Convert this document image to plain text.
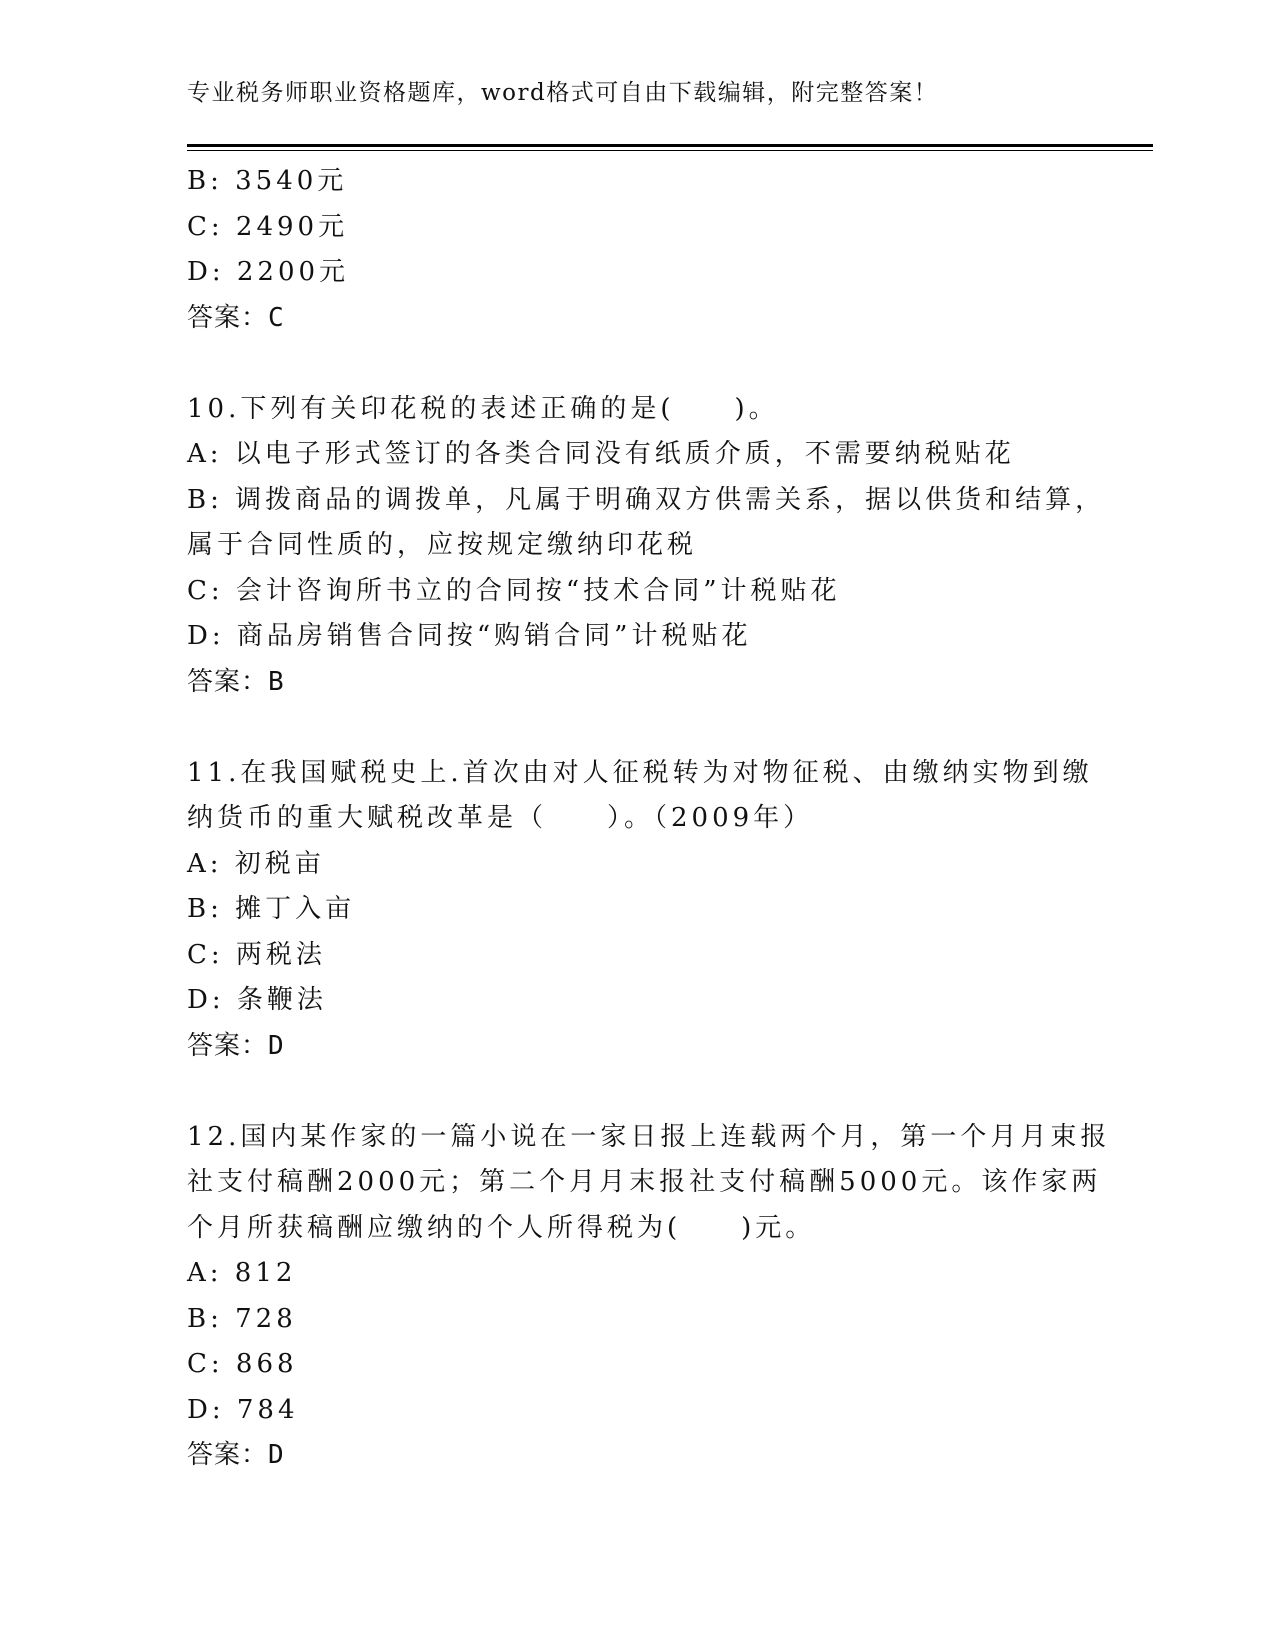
专业税务师职业资格题库，word格式可自由下载编辑，附完整答案！
B: 3540元
C: 2490元
D: 2200元
答案：C
10.下列有关印花税的表述正确的是(　　)。
A: 以电子形式签订的各类合同没有纸质介质，不需要纳税贴花
B: 调拨商品的调拨单，凡属于明确双方供需关系，据以供货和结算，
属于合同性质的，应按规定缴纳印花税
C: 会计咨询所书立的合同按“技术合同”计税贴花
D: 商品房销售合同按“购销合同”计税贴花
答案：B
11.在我国赋税史上.首次由对人征税转为对物征税、由缴纳实物到缴
纳货币的重大赋税改革是（　　）。（2009年）
A: 初税亩
B: 摊丁入亩
C: 两税法
D: 条鞭法
答案：D
12.国内某作家的一篇小说在一家日报上连载两个月，第一个月月束报
社支付稿酬2000元；第二个月月末报社支付稿酬5000元。该作家两
个月所获稿酬应缴纳的个人所得税为(　　)元。
A: 812
B: 728
C: 868
D: 784
答案：D
